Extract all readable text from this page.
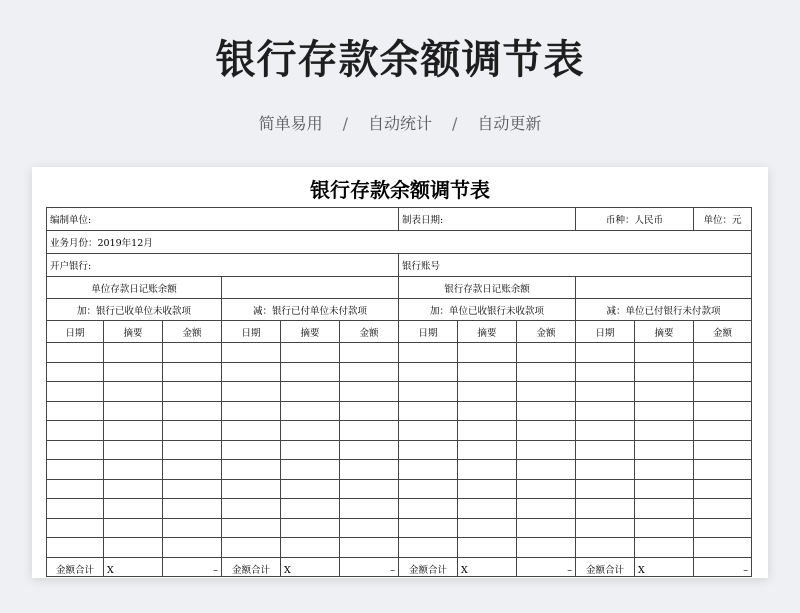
银行存款余额调节表
简单易用 / 自动统计 / 自动更新
银行存款余额调节表
编制单位:						制表日期:			币种：人民币		单位：元
业务月份：2019年12月											
开户银行:						银行账号					
单位存款日记账余额						银行存款日记账余额					
加：银行已收单位未收款项			减：银行已付单位未付款项			加：单位已收银行未收款项			减：单位已付银行未付款项		
日期	摘要	金额	日期	摘要	金额	日期	摘要	金额	日期	摘要	金额

金额合计	X	–	金额合计	X	–	金额合计	X	–	金额合计	X	–
